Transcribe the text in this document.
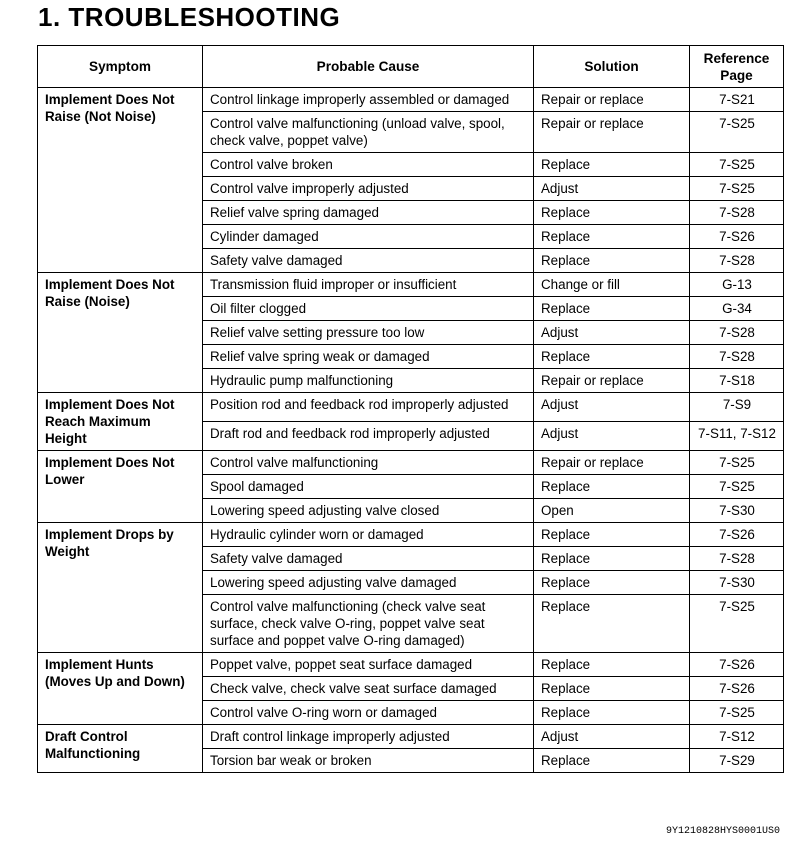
1. TROUBLESHOOTING
Symptom	Probable Cause	Solution	Reference Page
Implement Does Not Raise (Not Noise)	Control linkage improperly assembled or damaged	Repair or replace	7-S21
	Control valve malfunctioning (unload valve, spool, check valve, poppet valve)	Repair or replace	7-S25
	Control valve broken	Replace	7-S25
	Control valve improperly adjusted	Adjust	7-S25
	Relief valve spring damaged	Replace	7-S28
	Cylinder damaged	Replace	7-S26
	Safety valve damaged	Replace	7-S28
Implement Does Not Raise (Noise)	Transmission fluid improper or insufficient	Change or fill	G-13
	Oil filter clogged	Replace	G-34
	Relief valve setting pressure too low	Adjust	7-S28
	Relief valve spring weak or damaged	Replace	7-S28
	Hydraulic pump malfunctioning	Repair or replace	7-S18
Implement Does Not Reach Maximum Height	Position rod and feedback rod improperly adjusted	Adjust	7-S9
	Draft rod and feedback rod improperly adjusted	Adjust	7-S11, 7-S12
Implement Does Not Lower	Control valve malfunctioning	Repair or replace	7-S25
	Spool damaged	Replace	7-S25
	Lowering speed adjusting valve closed	Open	7-S30
Implement Drops by Weight	Hydraulic cylinder worn or damaged	Replace	7-S26
	Safety valve damaged	Replace	7-S28
	Lowering speed adjusting valve damaged	Replace	7-S30
	Control valve malfunctioning (check valve seat surface, check valve O-ring, poppet valve seat surface and poppet valve O-ring damaged)	Replace	7-S25
Implement Hunts (Moves Up and Down)	Poppet valve, poppet seat surface damaged	Replace	7-S26
	Check valve, check valve seat surface damaged	Replace	7-S26
	Control valve O-ring worn or damaged	Replace	7-S25
Draft Control Malfunctioning	Draft control linkage improperly adjusted	Adjust	7-S12
	Torsion bar weak or broken	Replace	7-S29
9Y1210828HYS0001US0
